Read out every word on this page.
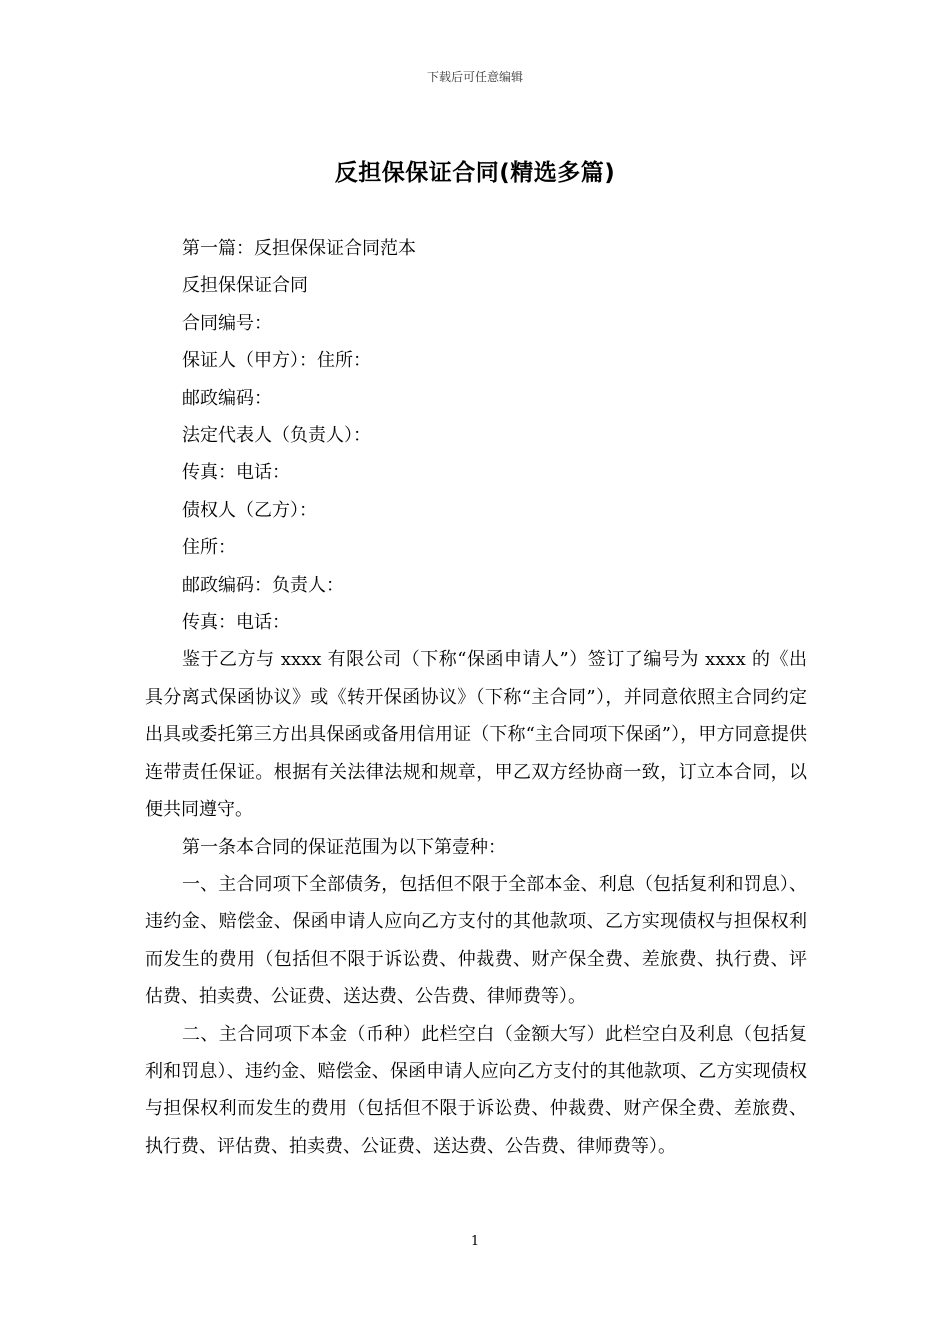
下载后可任意编辑
反担保保证合同(精选多篇)

第一篇：反担保保证合同范本

反担保保证合同

合同编号：

保证人（甲方）：住所：

邮政编码：

法定代表人（负责人）：

传真：电话：

债权人（乙方）：

住所：

邮政编码：负责人：

传真：电话：

鉴于乙方与 xxxx 有限公司（下称“保函申请人”）签订了编号为 xxxx 的《出具分离式保函协议》或《转开保函协议》（下称“主合同”），并同意依照主合同约定出具或委托第三方出具保函或备用信用证（下称“主合同项下保函”），甲方同意提供连带责任保证。根据有关法律法规和规章，甲乙双方经协商一致，订立本合同，以便共同遵守。

第一条本合同的保证范围为以下第壹种：

一、主合同项下全部债务，包括但不限于全部本金、利息（包括复利和罚息）、违约金、赔偿金、保函申请人应向乙方支付的其他款项、乙方实现债权与担保权利而发生的费用（包括但不限于诉讼费、仲裁费、财产保全费、差旅费、执行费、评估费、拍卖费、公证费、送达费、公告费、律师费等）。

二、主合同项下本金（币种）此栏空白（金额大写）此栏空白及利息（包括复利和罚息）、违约金、赔偿金、保函申请人应向乙方支付的其他款项、乙方实现债权与担保权利而发生的费用（包括但不限于诉讼费、仲裁费、财产保全费、差旅费、执行费、评估费、拍卖费、公证费、送达费、公告费、律师费等）。

1
